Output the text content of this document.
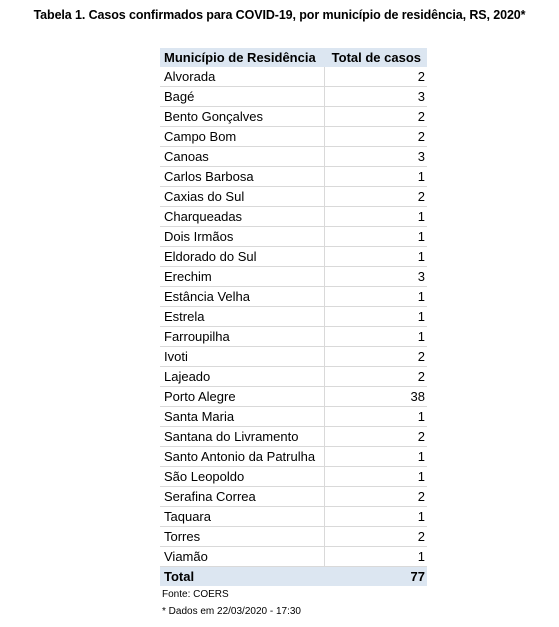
Tabela 1. Casos confirmados para COVID-19, por município de residência, RS, 2020*
Município de Residência	Total de casos
Alvorada	2
Bagé	3
Bento Gonçalves	2
Campo Bom	2
Canoas	3
Carlos Barbosa	1
Caxias do Sul	2
Charqueadas	1
Dois Irmãos	1
Eldorado do Sul	1
Erechim	3
Estância Velha	1
Estrela	1
Farroupilha	1
Ivoti	2
Lajeado	2
Porto Alegre	38
Santa Maria	1
Santana do Livramento	2
Santo Antonio da Patrulha	1
São Leopoldo	1
Serafina Correa	2
Taquara	1
Torres	2
Viamão	1
Total	77
Fonte: COERS
* Dados em 22/03/2020 - 17:30
